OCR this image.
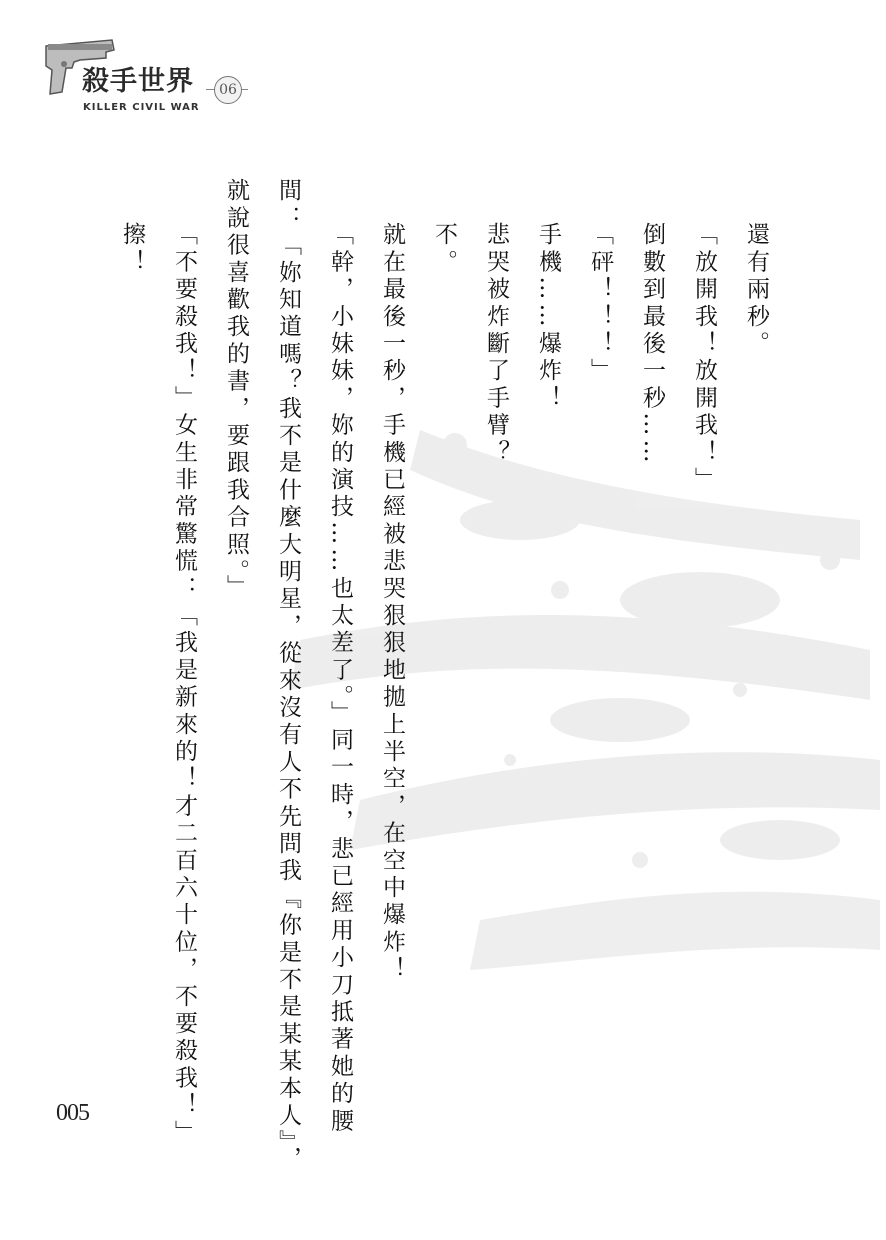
殺手世界
KILLER CIVIL WAR
06
還有兩秒。
「放開我！放開我！」
倒數到最後一秒……
「砰！！！」
手機……爆炸！
悲哭被炸斷了手臂？
不。
就在最後一秒，手機已經被悲哭狠狠地拋上半空，在空中爆炸！
「幹，小妹妹，妳的演技……也太差了。」同一時，悲已經用小刀抵著她的腰
間：「妳知道嗎？我不是什麼大明星，從來沒有人不先問我『你是不是某某本人』，
就說很喜歡我的書，要跟我合照。」
「不要殺我！」女生非常驚慌：「我是新來的！才二百六十位，不要殺我！」
擦！
005
